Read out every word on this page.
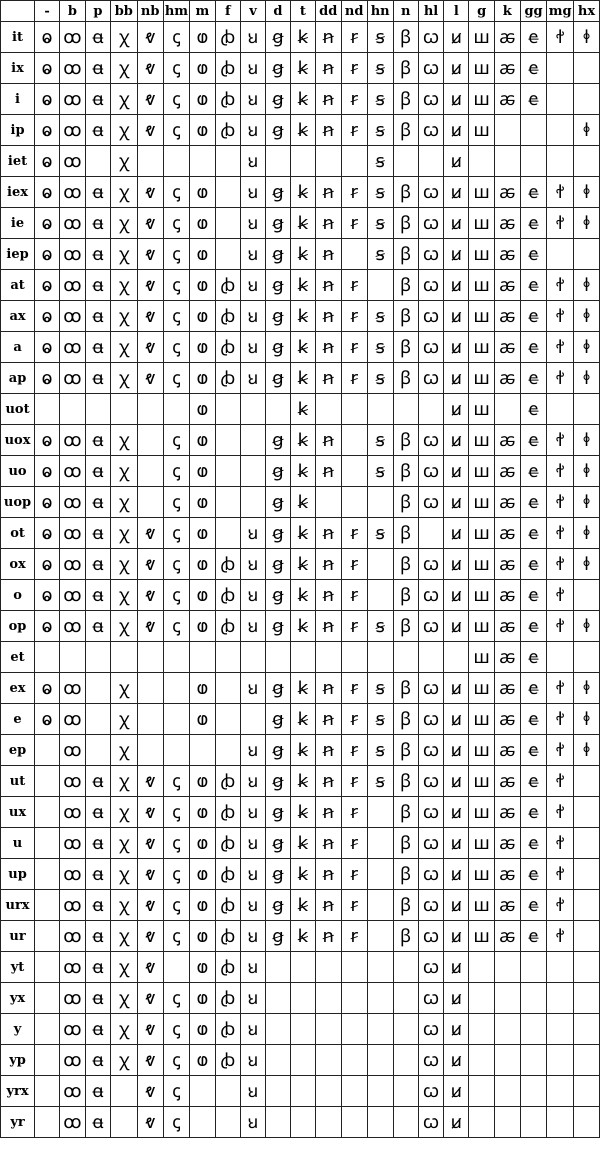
	-	b	p	bb	nb	hm	m	f	v	d	t	dd	nd	hn	n	hl	l	g	k	gg	mg	hx
it	ⱺ	ꝏ	ꬰ	ꭓ	ⱴ	ꞔ	ⱷ	ꞗ	ꞟ	ꞡ	ꞣ	ꞥ	ꞧ	ꞩ	ꞵ	ꞷ	ꞹ	ꟺ	ꬱ	ꬳ	ꬷ	ꬹ
ix	ⱺ	ꝏ	ꬰ	ꭓ	ⱴ	ꞔ	ⱷ	ꞗ	ꞟ	ꞡ	ꞣ	ꞥ	ꞧ	ꞩ	ꞵ	ꞷ	ꞹ	ꟺ	ꬱ	ꬳ		
i	ⱺ	ꝏ	ꬰ	ꭓ	ⱴ	ꞔ	ⱷ	ꞗ	ꞟ	ꞡ	ꞣ	ꞥ	ꞧ	ꞩ	ꞵ	ꞷ	ꞹ	ꟺ	ꬱ	ꬳ		
ip	ⱺ	ꝏ	ꬰ	ꭓ	ⱴ	ꞔ	ⱷ	ꞗ	ꞟ	ꞡ	ꞣ	ꞥ	ꞧ	ꞩ	ꞵ	ꞷ	ꞹ	ꟺ				ꬹ
iet	ⱺ	ꝏ		ꭓ					ꞟ					ꞩ			ꞹ					
iex	ⱺ	ꝏ	ꬰ	ꭓ	ⱴ	ꞔ	ⱷ		ꞟ	ꞡ	ꞣ	ꞥ	ꞧ	ꞩ	ꞵ	ꞷ	ꞹ	ꟺ	ꬱ	ꬳ	ꬷ	ꬹ
ie	ⱺ	ꝏ	ꬰ	ꭓ	ⱴ	ꞔ	ⱷ		ꞟ	ꞡ	ꞣ	ꞥ	ꞧ	ꞩ	ꞵ	ꞷ	ꞹ	ꟺ	ꬱ	ꬳ	ꬷ	ꬹ
iep	ⱺ	ꝏ	ꬰ	ꭓ	ⱴ	ꞔ	ⱷ		ꞟ	ꞡ	ꞣ	ꞥ		ꞩ	ꞵ	ꞷ	ꞹ	ꟺ	ꬱ	ꬳ		
at	ⱺ	ꝏ	ꬰ	ꭓ	ⱴ	ꞔ	ⱷ	ꞗ	ꞟ	ꞡ	ꞣ	ꞥ	ꞧ		ꞵ	ꞷ	ꞹ	ꟺ	ꬱ	ꬳ	ꬷ	ꬹ
ax	ⱺ	ꝏ	ꬰ	ꭓ	ⱴ	ꞔ	ⱷ	ꞗ	ꞟ	ꞡ	ꞣ	ꞥ	ꞧ	ꞩ	ꞵ	ꞷ	ꞹ	ꟺ	ꬱ	ꬳ	ꬷ	ꬹ
a	ⱺ	ꝏ	ꬰ	ꭓ	ⱴ	ꞔ	ⱷ	ꞗ	ꞟ	ꞡ	ꞣ	ꞥ	ꞧ	ꞩ	ꞵ	ꞷ	ꞹ	ꟺ	ꬱ	ꬳ	ꬷ	ꬹ
ap	ⱺ	ꝏ	ꬰ	ꭓ	ⱴ	ꞔ	ⱷ	ꞗ	ꞟ	ꞡ	ꞣ	ꞥ	ꞧ	ꞩ	ꞵ	ꞷ	ꞹ	ꟺ	ꬱ	ꬳ	ꬷ	ꬹ
uot							ⱷ				ꞣ						ꞹ	ꟺ		ꬳ		
uox	ⱺ	ꝏ	ꬰ	ꭓ		ꞔ	ⱷ			ꞡ	ꞣ	ꞥ		ꞩ	ꞵ	ꞷ	ꞹ	ꟺ	ꬱ	ꬳ	ꬷ	ꬹ
uo	ⱺ	ꝏ	ꬰ	ꭓ		ꞔ	ⱷ			ꞡ	ꞣ	ꞥ		ꞩ	ꞵ	ꞷ	ꞹ	ꟺ	ꬱ	ꬳ	ꬷ	ꬹ
uop	ⱺ	ꝏ	ꬰ	ꭓ		ꞔ	ⱷ			ꞡ	ꞣ				ꞵ	ꞷ	ꞹ	ꟺ	ꬱ	ꬳ	ꬷ	ꬹ
ot	ⱺ	ꝏ	ꬰ	ꭓ	ⱴ	ꞔ	ⱷ		ꞟ	ꞡ	ꞣ	ꞥ	ꞧ	ꞩ	ꞵ		ꞹ	ꟺ	ꬱ	ꬳ	ꬷ	ꬹ
ox	ⱺ	ꝏ	ꬰ	ꭓ	ⱴ	ꞔ	ⱷ	ꞗ	ꞟ	ꞡ	ꞣ	ꞥ	ꞧ		ꞵ	ꞷ	ꞹ	ꟺ	ꬱ	ꬳ	ꬷ	ꬹ
o	ⱺ	ꝏ	ꬰ	ꭓ	ⱴ	ꞔ	ⱷ	ꞗ	ꞟ	ꞡ	ꞣ	ꞥ	ꞧ		ꞵ	ꞷ	ꞹ	ꟺ	ꬱ	ꬳ	ꬷ	
op	ⱺ	ꝏ	ꬰ	ꭓ	ⱴ	ꞔ	ⱷ	ꞗ	ꞟ	ꞡ	ꞣ	ꞥ	ꞧ	ꞩ	ꞵ	ꞷ	ꞹ	ꟺ	ꬱ	ꬳ	ꬷ	ꬹ
et																		ꟺ	ꬱ	ꬳ		
ex	ⱺ	ꝏ		ꭓ			ⱷ		ꞟ	ꞡ	ꞣ	ꞥ	ꞧ	ꞩ	ꞵ	ꞷ	ꞹ	ꟺ	ꬱ	ꬳ	ꬷ	ꬹ
e	ⱺ	ꝏ		ꭓ			ⱷ			ꞡ	ꞣ	ꞥ	ꞧ	ꞩ	ꞵ	ꞷ	ꞹ	ꟺ	ꬱ	ꬳ	ꬷ	ꬹ
ep		ꝏ		ꭓ					ꞟ	ꞡ	ꞣ	ꞥ	ꞧ	ꞩ	ꞵ	ꞷ	ꞹ	ꟺ	ꬱ	ꬳ	ꬷ	ꬹ
ut		ꝏ	ꬰ	ꭓ	ⱴ	ꞔ	ⱷ	ꞗ	ꞟ	ꞡ	ꞣ	ꞥ	ꞧ	ꞩ	ꞵ	ꞷ	ꞹ	ꟺ	ꬱ	ꬳ	ꬷ	
ux		ꝏ	ꬰ	ꭓ	ⱴ	ꞔ	ⱷ	ꞗ	ꞟ	ꞡ	ꞣ	ꞥ	ꞧ		ꞵ	ꞷ	ꞹ	ꟺ	ꬱ	ꬳ	ꬷ	
u		ꝏ	ꬰ	ꭓ	ⱴ	ꞔ	ⱷ	ꞗ	ꞟ	ꞡ	ꞣ	ꞥ	ꞧ		ꞵ	ꞷ	ꞹ	ꟺ	ꬱ	ꬳ	ꬷ	
up		ꝏ	ꬰ	ꭓ	ⱴ	ꞔ	ⱷ	ꞗ	ꞟ	ꞡ	ꞣ	ꞥ	ꞧ		ꞵ	ꞷ	ꞹ	ꟺ	ꬱ	ꬳ	ꬷ	
urx		ꝏ	ꬰ	ꭓ	ⱴ	ꞔ	ⱷ	ꞗ	ꞟ	ꞡ	ꞣ	ꞥ	ꞧ		ꞵ	ꞷ	ꞹ	ꟺ	ꬱ	ꬳ	ꬷ	
ur		ꝏ	ꬰ	ꭓ	ⱴ	ꞔ	ⱷ	ꞗ	ꞟ	ꞡ	ꞣ	ꞥ	ꞧ		ꞵ	ꞷ	ꞹ	ꟺ	ꬱ	ꬳ	ꬷ	
yt		ꝏ	ꬰ	ꭓ	ⱴ		ⱷ	ꞗ	ꞟ							ꞷ	ꞹ					
yx		ꝏ	ꬰ	ꭓ	ⱴ	ꞔ	ⱷ	ꞗ	ꞟ							ꞷ	ꞹ					
y		ꝏ	ꬰ	ꭓ	ⱴ	ꞔ	ⱷ	ꞗ	ꞟ							ꞷ	ꞹ					
yp		ꝏ	ꬰ	ꭓ	ⱴ	ꞔ	ⱷ	ꞗ	ꞟ							ꞷ	ꞹ					
yrx		ꝏ	ꬰ		ⱴ	ꞔ			ꞟ							ꞷ	ꞹ					
yr		ꝏ	ꬰ		ⱴ	ꞔ			ꞟ							ꞷ	ꞹ					
